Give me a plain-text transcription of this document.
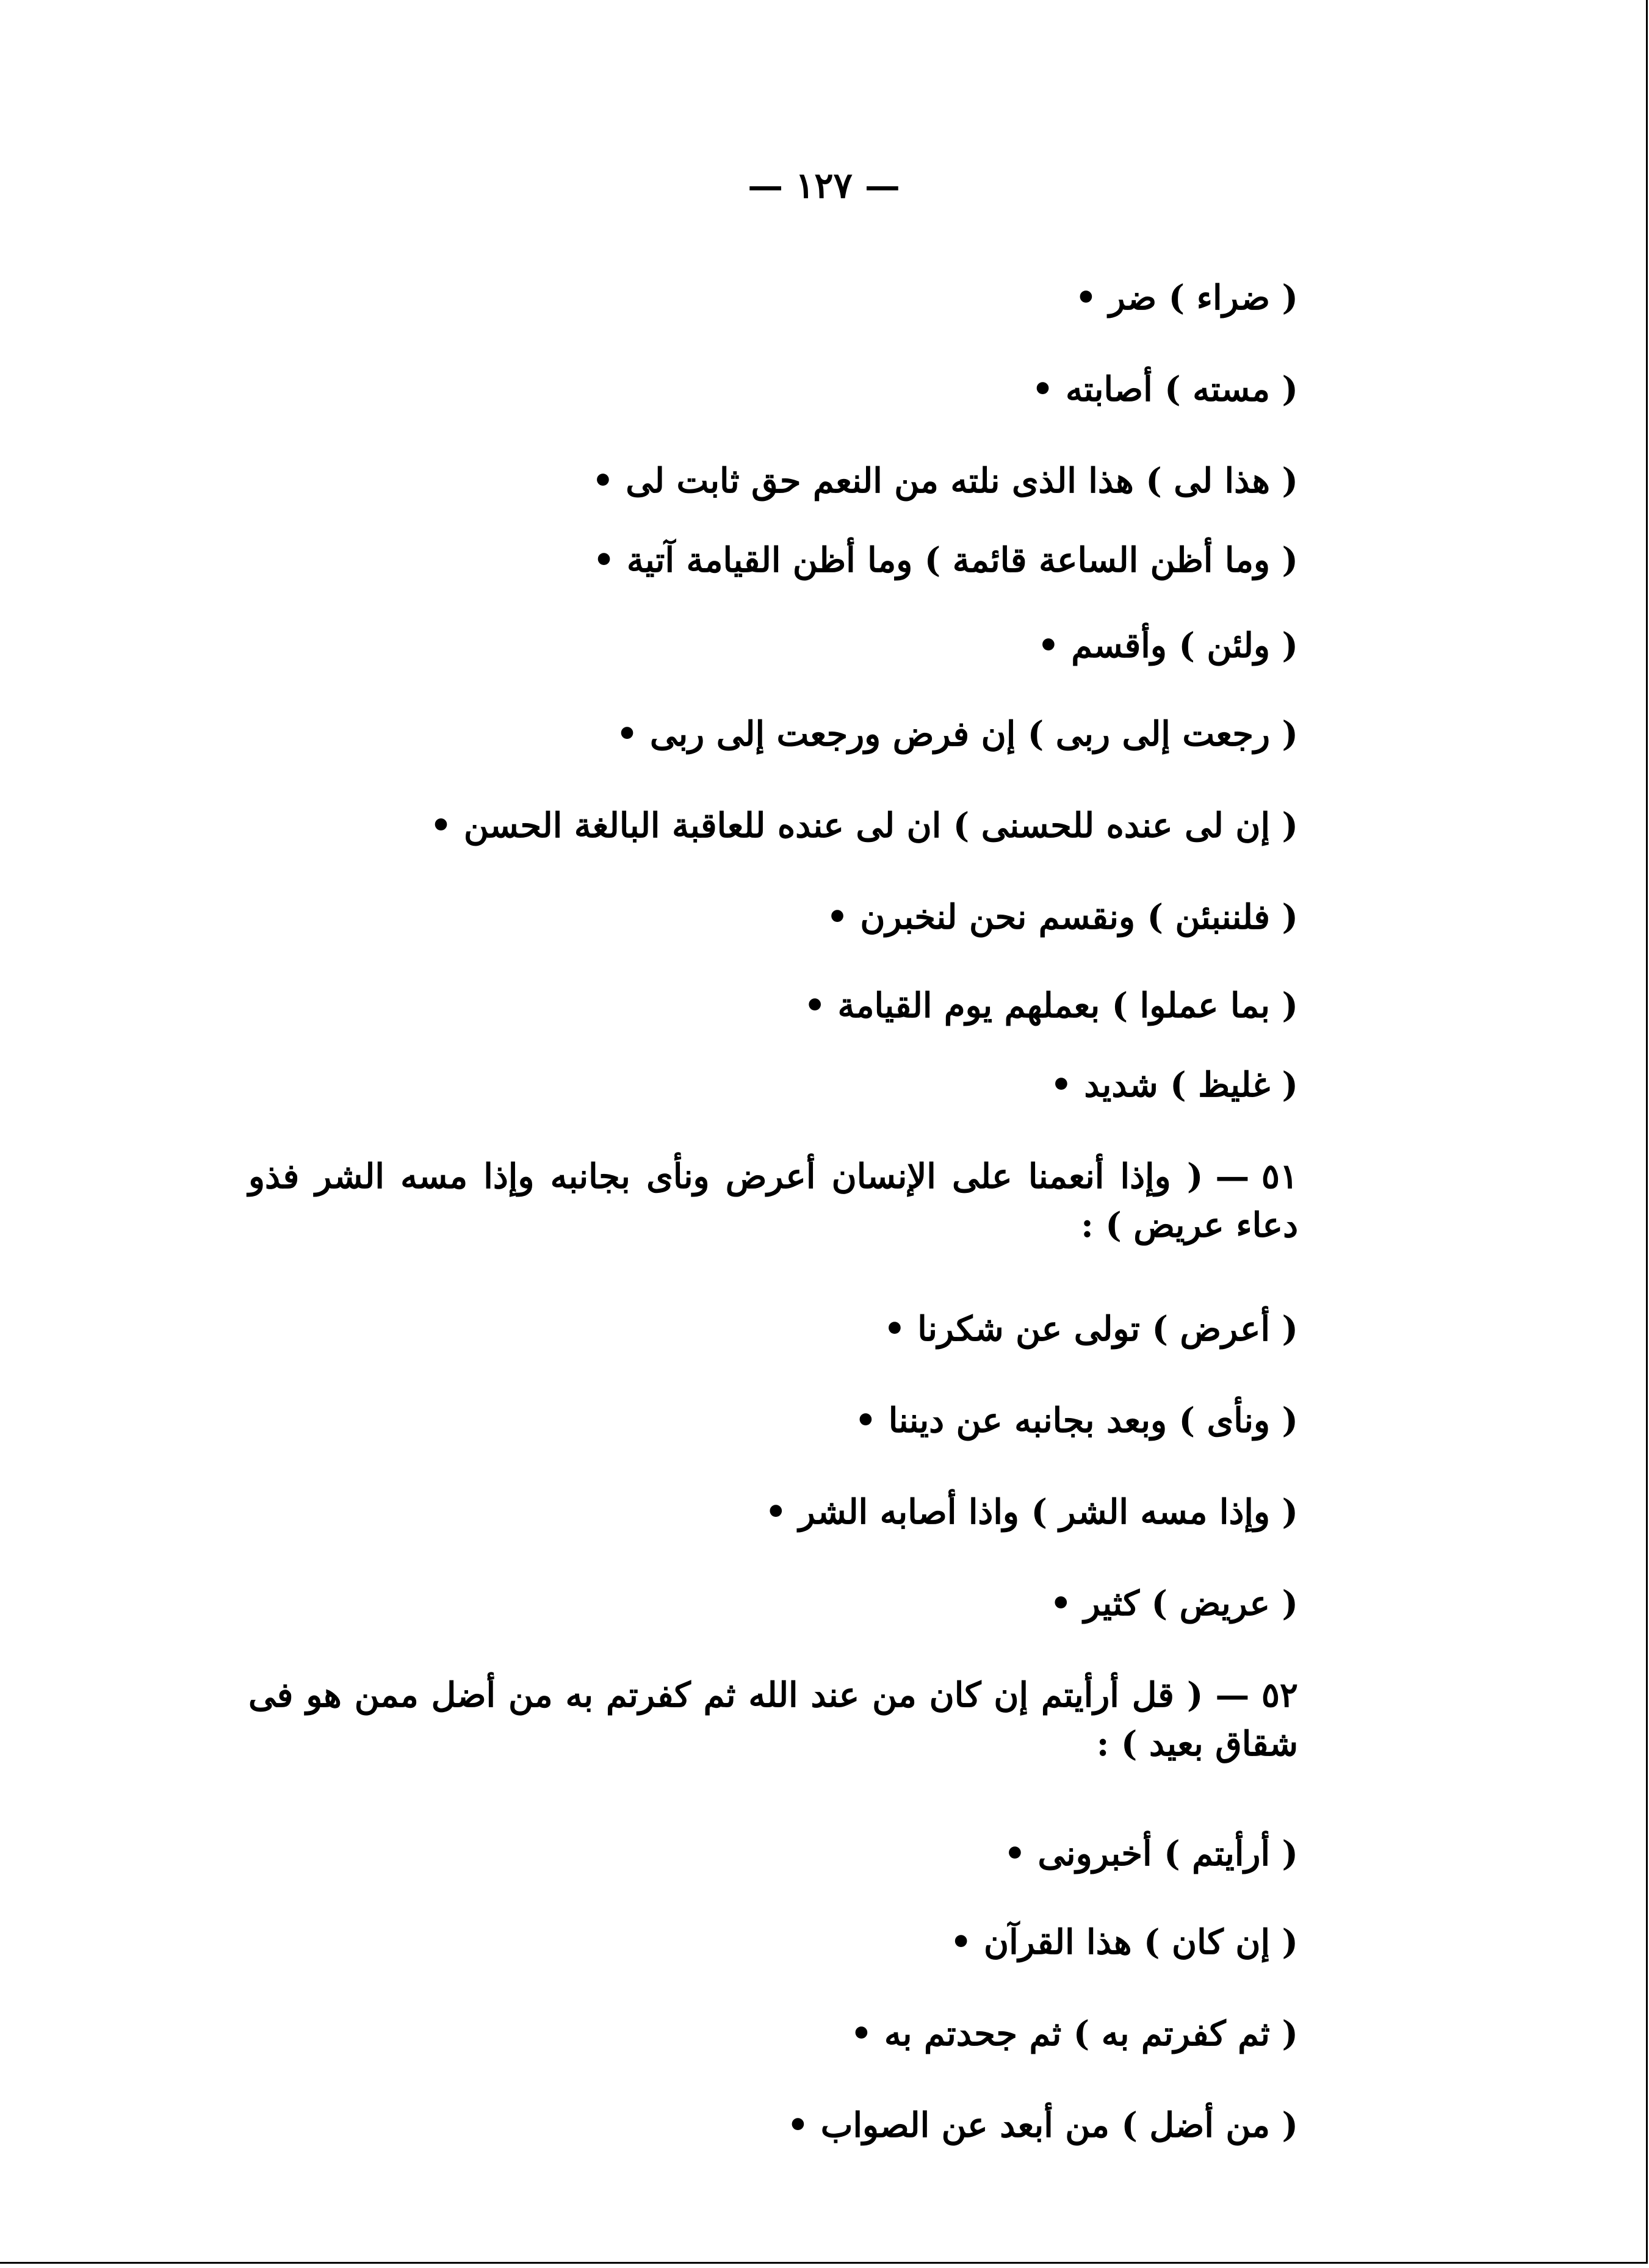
— ١٢٧ —
( ضراء ) ضر •
( مسته ) أصابته •
( هذا لى ) هذا الذى نلته من النعم حق ثابت لى •
( وما أظن الساعة قائمة ) وما أظن القيامة آتية •
( ولئن ) وأقسم •
( رجعت إلى ربى ) إن فرض ورجعت إلى ربى •
( إن لى عنده للحسنى ) ان لى عنده للعاقبة البالغة الحسن •
( فلننبئن ) ونقسم نحن لنخبرن •
( بما عملوا ) بعملهم يوم القيامة •
( غليظ ) شديد •
٥١ —( وإذا أنعمنا على الإنسان أعرض ونأى بجانبه وإذا مسه الشر فذو دعاء عريض ) :
( أعرض ) تولى عن شكرنا •
( ونأى ) وبعد بجانبه عن ديننا •
( وإذا مسه الشر ) واذا أصابه الشر •
( عريض ) كثير •
٥٢ —( قل أرأيتم إن كان من عند الله ثم كفرتم به من أضل ممن هو فى شقاق بعيد ) :
( أرأيتم ) أخبرونى •
( إن كان ) هذا القرآن •
( ثم كفرتم به ) ثم جحدتم به •
( من أضل ) من أبعد عن الصواب •
